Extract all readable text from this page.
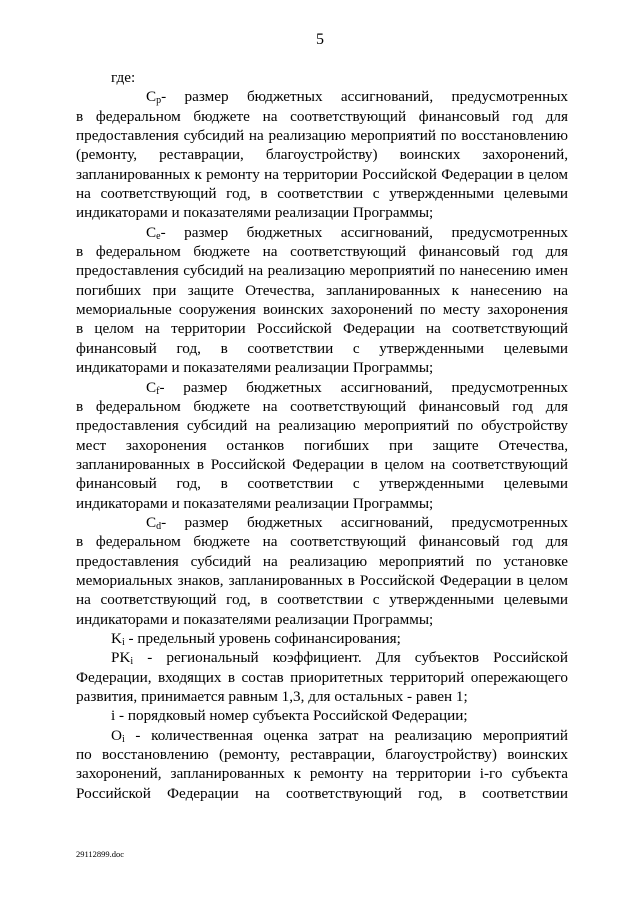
5

где:

$C_p-$ размер бюджетных ассигнований, предусмотренных

в федеральном бюджете на соответствующий финансовый год для

предоставления субсидий на реализацию мероприятий по восстановлению

(ремонту, реставрации, благоустройству) воинских захоронений,

запланированных к ремонту на территории Российской Федерации в целом

на соответствующий год, в соответствии с утвержденными целевыми

индикаторами и показателями реализации Программы;

$C_e-$ размер бюджетных ассигнований, предусмотренных

в федеральном бюджете на соответствующий финансовый год для

предоставления субсидий на реализацию мероприятий по нанесению имен

погибших при защите Отечества, запланированных к нанесению на

мемориальные сооружения воинских захоронений по месту захоронения

в целом на территории Российской Федерации на соответствующий

финансовый год, в соответствии с утвержденными целевыми

индикаторами и показателями реализации Программы;

$C_f-$ размер бюджетных ассигнований, предусмотренных

в федеральном бюджете на соответствующий финансовый год для

предоставления субсидий на реализацию мероприятий по обустройству

мест захоронения останков погибших при защите Отечества,

запланированных в Российской Федерации в целом на соответствующий

финансовый год, в соответствии с утвержденными целевыми

индикаторами и показателями реализации Программы;

$C_d-$ размер бюджетных ассигнований, предусмотренных

в федеральном бюджете на соответствующий финансовый год для

предоставления субсидий на реализацию мероприятий по установке

мемориальных знаков, запланированных в Российской Федерации в целом

на соответствующий год, в соответствии с утвержденными целевыми

индикаторами и показателями реализации Программы;

$K_i$ - предельный уровень софинансирования;

$PK_i$ - региональный коэффициент. Для субъектов Российской

Федерации, входящих в состав приоритетных территорий опережающего

развития, принимается равным 1,3, для остальных - равен 1;

i - порядковый номер субъекта Российской Федерации;

$O_i$ - количественная оценка затрат на реализацию мероприятий

по восстановлению (ремонту, реставрации, благоустройству) воинских

захоронений, запланированных к ремонту на территории i-го субъекта

Российской Федерации на соответствующий год, в соответствии

29112899.doc
